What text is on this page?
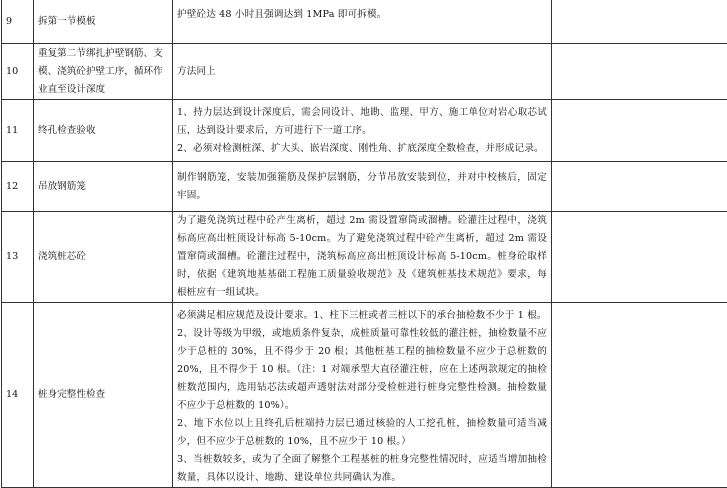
9	拆第一节模板	护壁砼达 48 小时且强调达到 1MPa 即可拆模。	
10	重复第二节绑扎护壁钢筋、支模、浇筑砼护壁工序，循环作业直至设计深度	方法同上	
11	终孔检查验收	1、持力层达到设计深度后，需会同设计、地勘、监理、甲方、施工单位对岩心取芯试压，达到设计要求后，方可进行下一道工序。
2、必须对检测桩深、扩大头、嵌岩深度、刚性角、扩底深度全数检查，并形成记录。	
12	吊放钢筋笼	制作钢筋笼，安装加强箍筋及保护层钢筋，分节吊放安装到位，并对中校核后，固定牢固。	
13	浇筑桩芯砼	为了避免浇筑过程中砼产生离析，超过 2m 需设置窜筒或溜槽。砼灌注过程中，浇筑标高应高出桩顶设计标高 5-10cm。为了避免浇筑过程中砼产生离析，超过 2m 需设置窜筒或溜槽。砼灌注过程中，浇筑标高应高出桩顶设计标高 5-10cm。桩身砼取样时，依据《建筑地基基础工程施工质量验收规范》及《建筑桩基技术规范》要求，每根桩应有一组试块。	
14	桩身完整性检查	必须满足相应规范及设计要求。1、柱下三桩或者三桩以下的承台抽检数不少于 1 根。
2、设计等级为甲级，或地质条件复杂，成桩质量可靠性较低的灌注桩，抽检数量不应少于总桩的 30%，且不得少于 20 根；其他桩基工程的抽检数量不应少于总桩数的 20%，且不得少于 10 根。（注：1 对端承型大直径灌注桩，应在上述两款规定的抽检桩数范围内，选用钻芯法或超声透射法对部分受检桩进行桩身完整性检测。抽检数量不应少于总桩数的 10%）。
2、地下水位以上且终孔后桩端持力层已通过核验的人工挖孔桩，抽检数量可适当减少，但不应少于总桩数的 10%，且不应少于 10 根。）
3、当桩数较多，或为了全面了解整个工程基桩的桩身完整性情况时，应适当增加抽检数量，具体以设计、地勘、建设单位共同确认为准。	
